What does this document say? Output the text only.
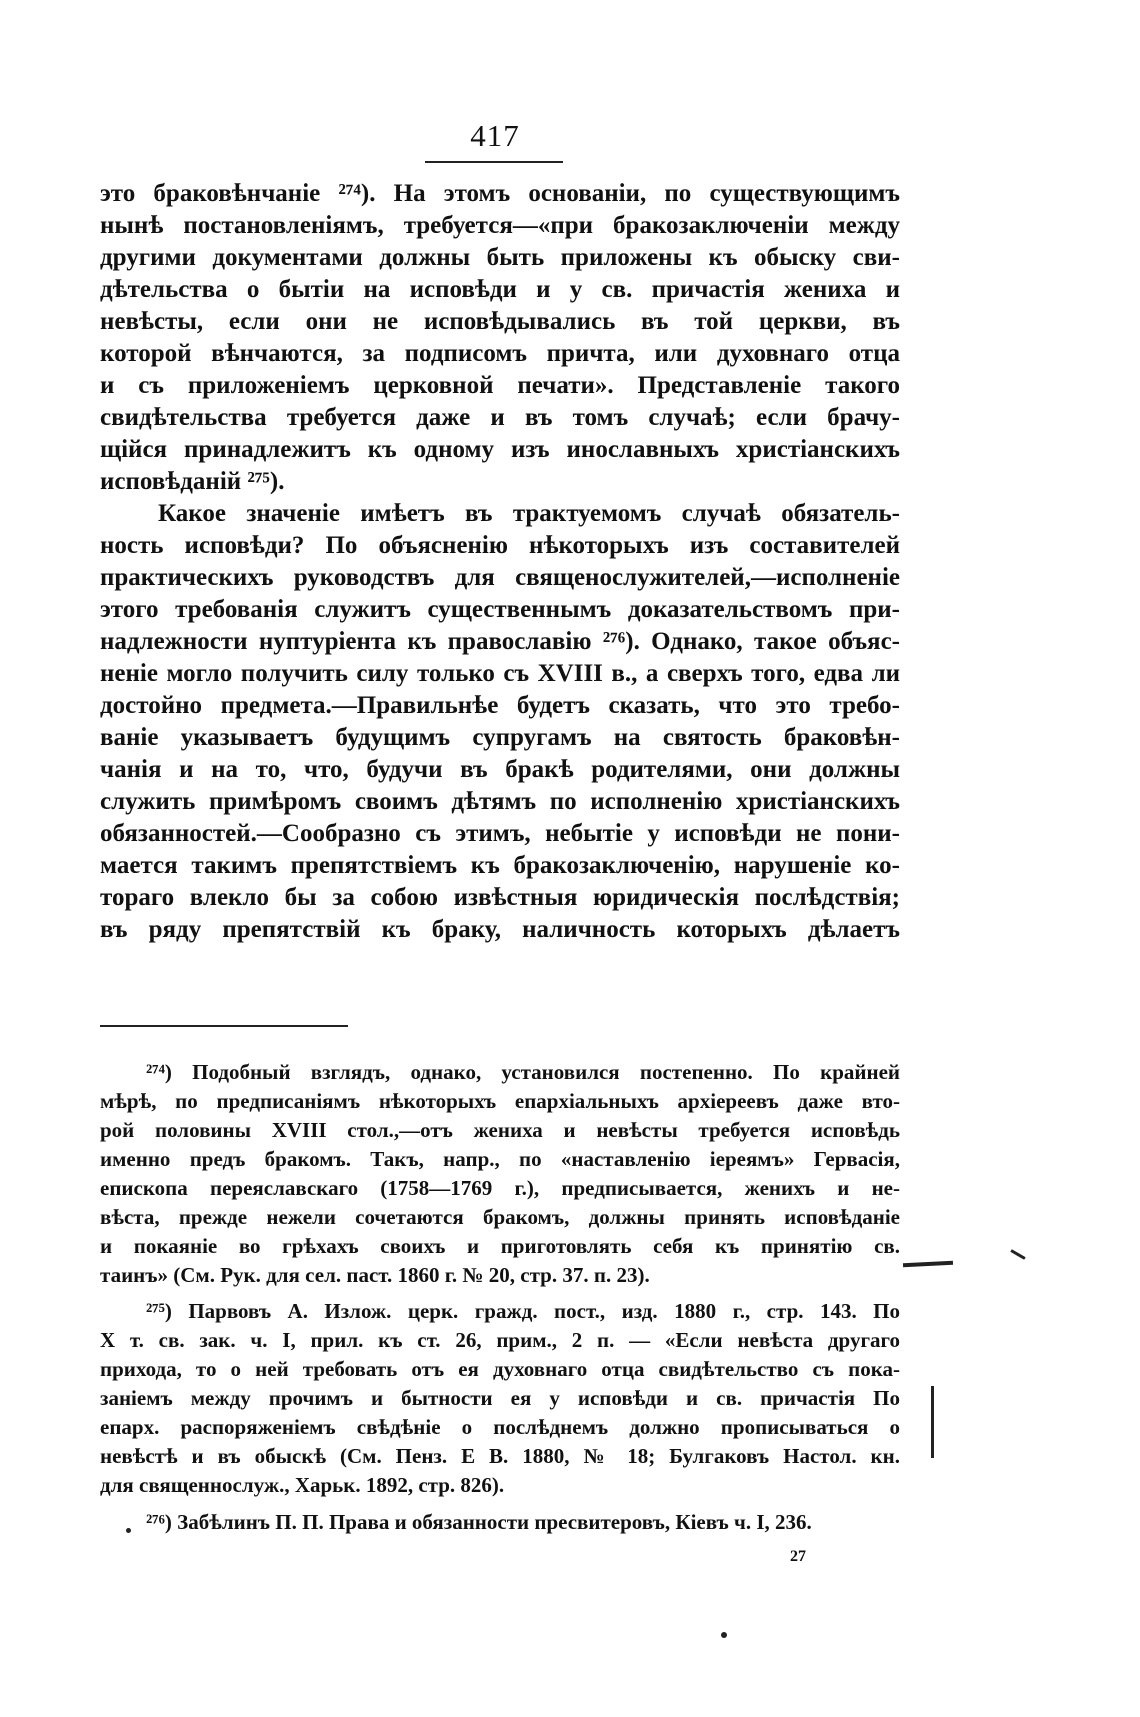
417
это браковѣнчаніе ²⁷⁴). На этомъ основаніи, по существующимъ
нынѣ постановленіямъ, требуется—«при бракозаключеніи между
другими документами должны быть приложены къ обыску сви-
дѣтельства о бытіи на исповѣди и у св. причастія жениха и
невѣсты, если они не исповѣдывались въ той церкви, въ
которой вѣнчаются, за подписомъ причта, или духовнаго отца
и съ приложеніемъ церковной печати». Представленіе такого
свидѣтельства требуется даже и въ томъ случаѣ; если брачу-
щійся принадлежитъ къ одному изъ инославныхъ христіанскихъ
исповѣданій ²⁷⁵).
Какое значеніе имѣетъ въ трактуемомъ случаѣ обязатель-
ность исповѣди? По объясненію нѣкоторыхъ изъ составителей
практическихъ руководствъ для священослужителей,—исполненіе
этого требованія служитъ существеннымъ доказательствомъ при-
надлежности нуптуріента къ православію ²⁷⁶). Однако, такое объяс-
неніе могло получить силу только съ XVIII в., а сверхъ того, едва ли
достойно предмета.—Правильнѣе будетъ сказать, что это требо-
ваніе указываетъ будущимъ супругамъ на святость браковѣн-
чанія и на то, что, будучи въ бракѣ родителями, они должны
служить примѣромъ своимъ дѣтямъ по исполненію христіанскихъ
обязанностей.—Сообразно съ этимъ, небытіе у исповѣди не пони-
мается такимъ препятствіемъ къ бракозаключенію, нарушеніе ко-
тораго влекло бы за собою извѣстныя юридическія послѣдствія;
въ ряду препятствій къ браку, наличность которыхъ дѣлаетъ
²⁷⁴) Подобный взглядъ, однако, установился постепенно. По крайней
мѣрѣ, по предписаніямъ нѣкоторыхъ епархіальныхъ архіереевъ даже вто-
рой половины XVIII стол.,—отъ жениха и невѣсты требуется исповѣдь
именно предъ бракомъ. Такъ, напр., по «наставленію іереямъ» Гервасія,
епископа переяславскаго (1758—1769 г.), предписывается, женихъ и не-
вѣста, прежде нежели сочетаются бракомъ, должны принять исповѣданіе
и покаяніе во грѣхахъ своихъ и приготовлять себя къ принятію св.
таинъ» (См. Рук. для сел. паст. 1860 г. № 20, стр. 37. п. 23).
²⁷⁵) Парвовъ А. Излож. церк. гражд. пост., изд. 1880 г., стр. 143. По
Х т. св. зак. ч. I, прил. къ ст. 26, прим., 2 п. — «Если невѣста другаго
прихода, то о ней требовать отъ ея духовнаго отца свидѣтельство съ пока-
заніемъ между прочимъ и бытности ея у исповѣди и св. причастія По
епарх. распоряженіемъ свѣдѣніе о послѣднемъ должно прописываться о
невѣстѣ и въ обыскѣ (См. Пенз. Е В. 1880, № 18; Булгаковъ Настол. кн.
для священнослуж., Харьк. 1892, стр. 826).
²⁷⁶) Забѣлинъ П. П. Права и обязанности пресвитеровъ, Кіевъ ч. I, 236.
27
